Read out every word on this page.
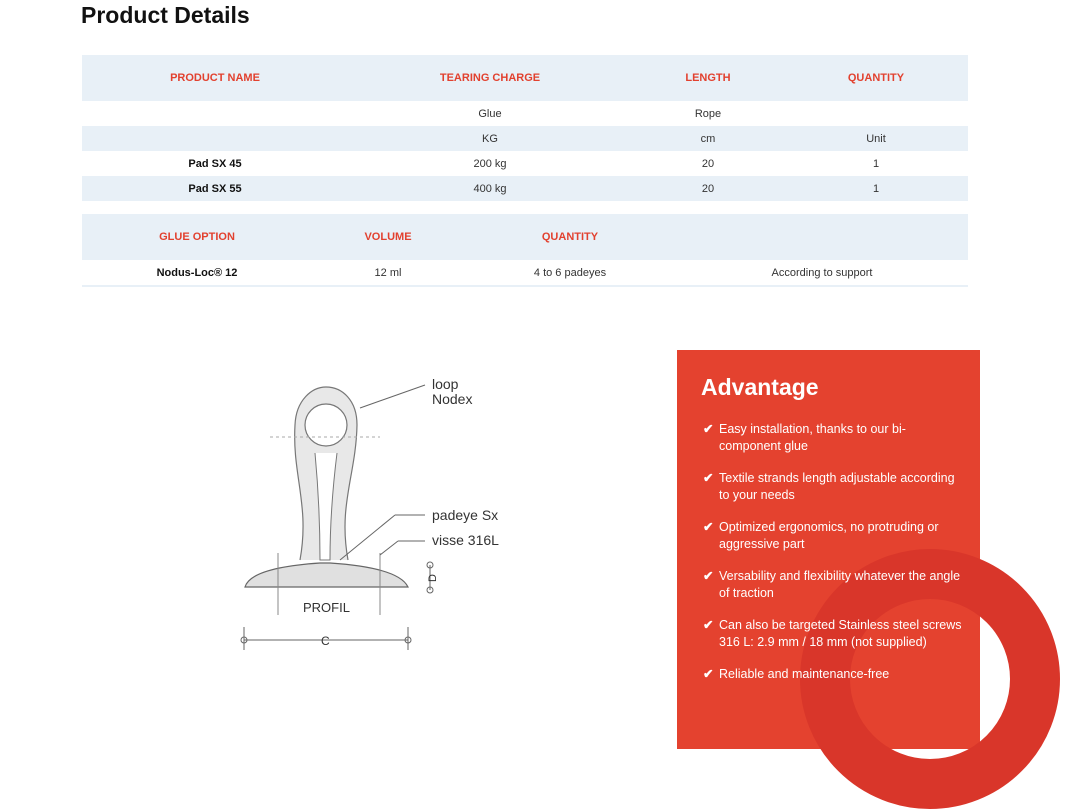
Product Details
PRODUCT NAME	TEARING CHARGE	LENGTH	QUANTITY
	Glue	Rope	
	KG	cm	Unit
Pad SX 45	200 kg	20	1
Pad SX 55	400 kg	20	1
GLUE OPTION	VOLUME	QUANTITY	
Nodus-Loc® 12	12 ml	4 to 6 padeyes	According to support
loop
Nodex
padeye Sx
visse 316L
PROFIL
C
D
Advantage
✔ Easy installation, thanks to our bi-component glue
✔ Textile strands length adjustable according to your needs
✔ Optimized ergonomics, no protruding or aggressive part
✔ Versability and flexibility whatever the angle of traction
✔ Can also be targeted Stainless steel screws 316 L: 2.9 mm / 18 mm (not supplied)
✔ Reliable and maintenance-free
